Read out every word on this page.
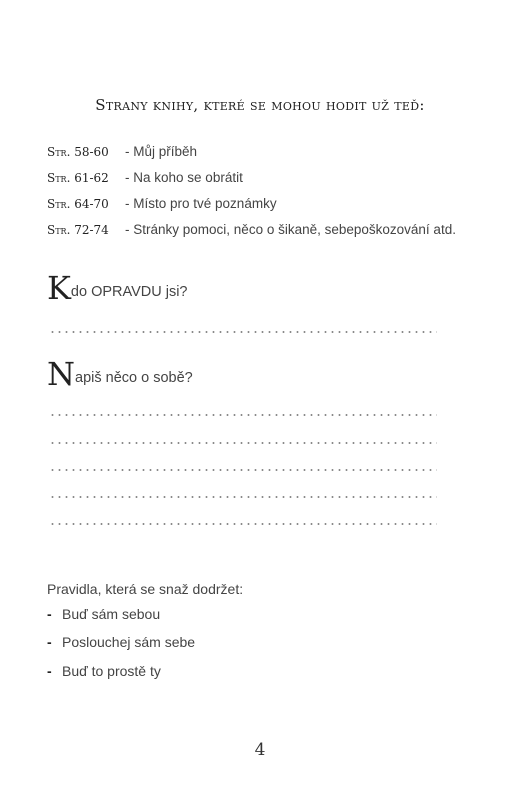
Strany knihy, které se mohou hodit už teď:
Str. 58-60 - Můj příběh
Str. 61-62 - Na koho se obrátit
Str. 64-70 - Místo pro tvé poznámky
Str. 72-74 - Stránky pomoci, něco o šikaně, sebepoškozování atd.
Kdo OPRAVDU jsi?
Napiš něco o sobě?
Pravidla, která se snaž dodržet:
- Buď sám sebou
- Poslouchej sám sebe
- Buď to prostě ty
4
